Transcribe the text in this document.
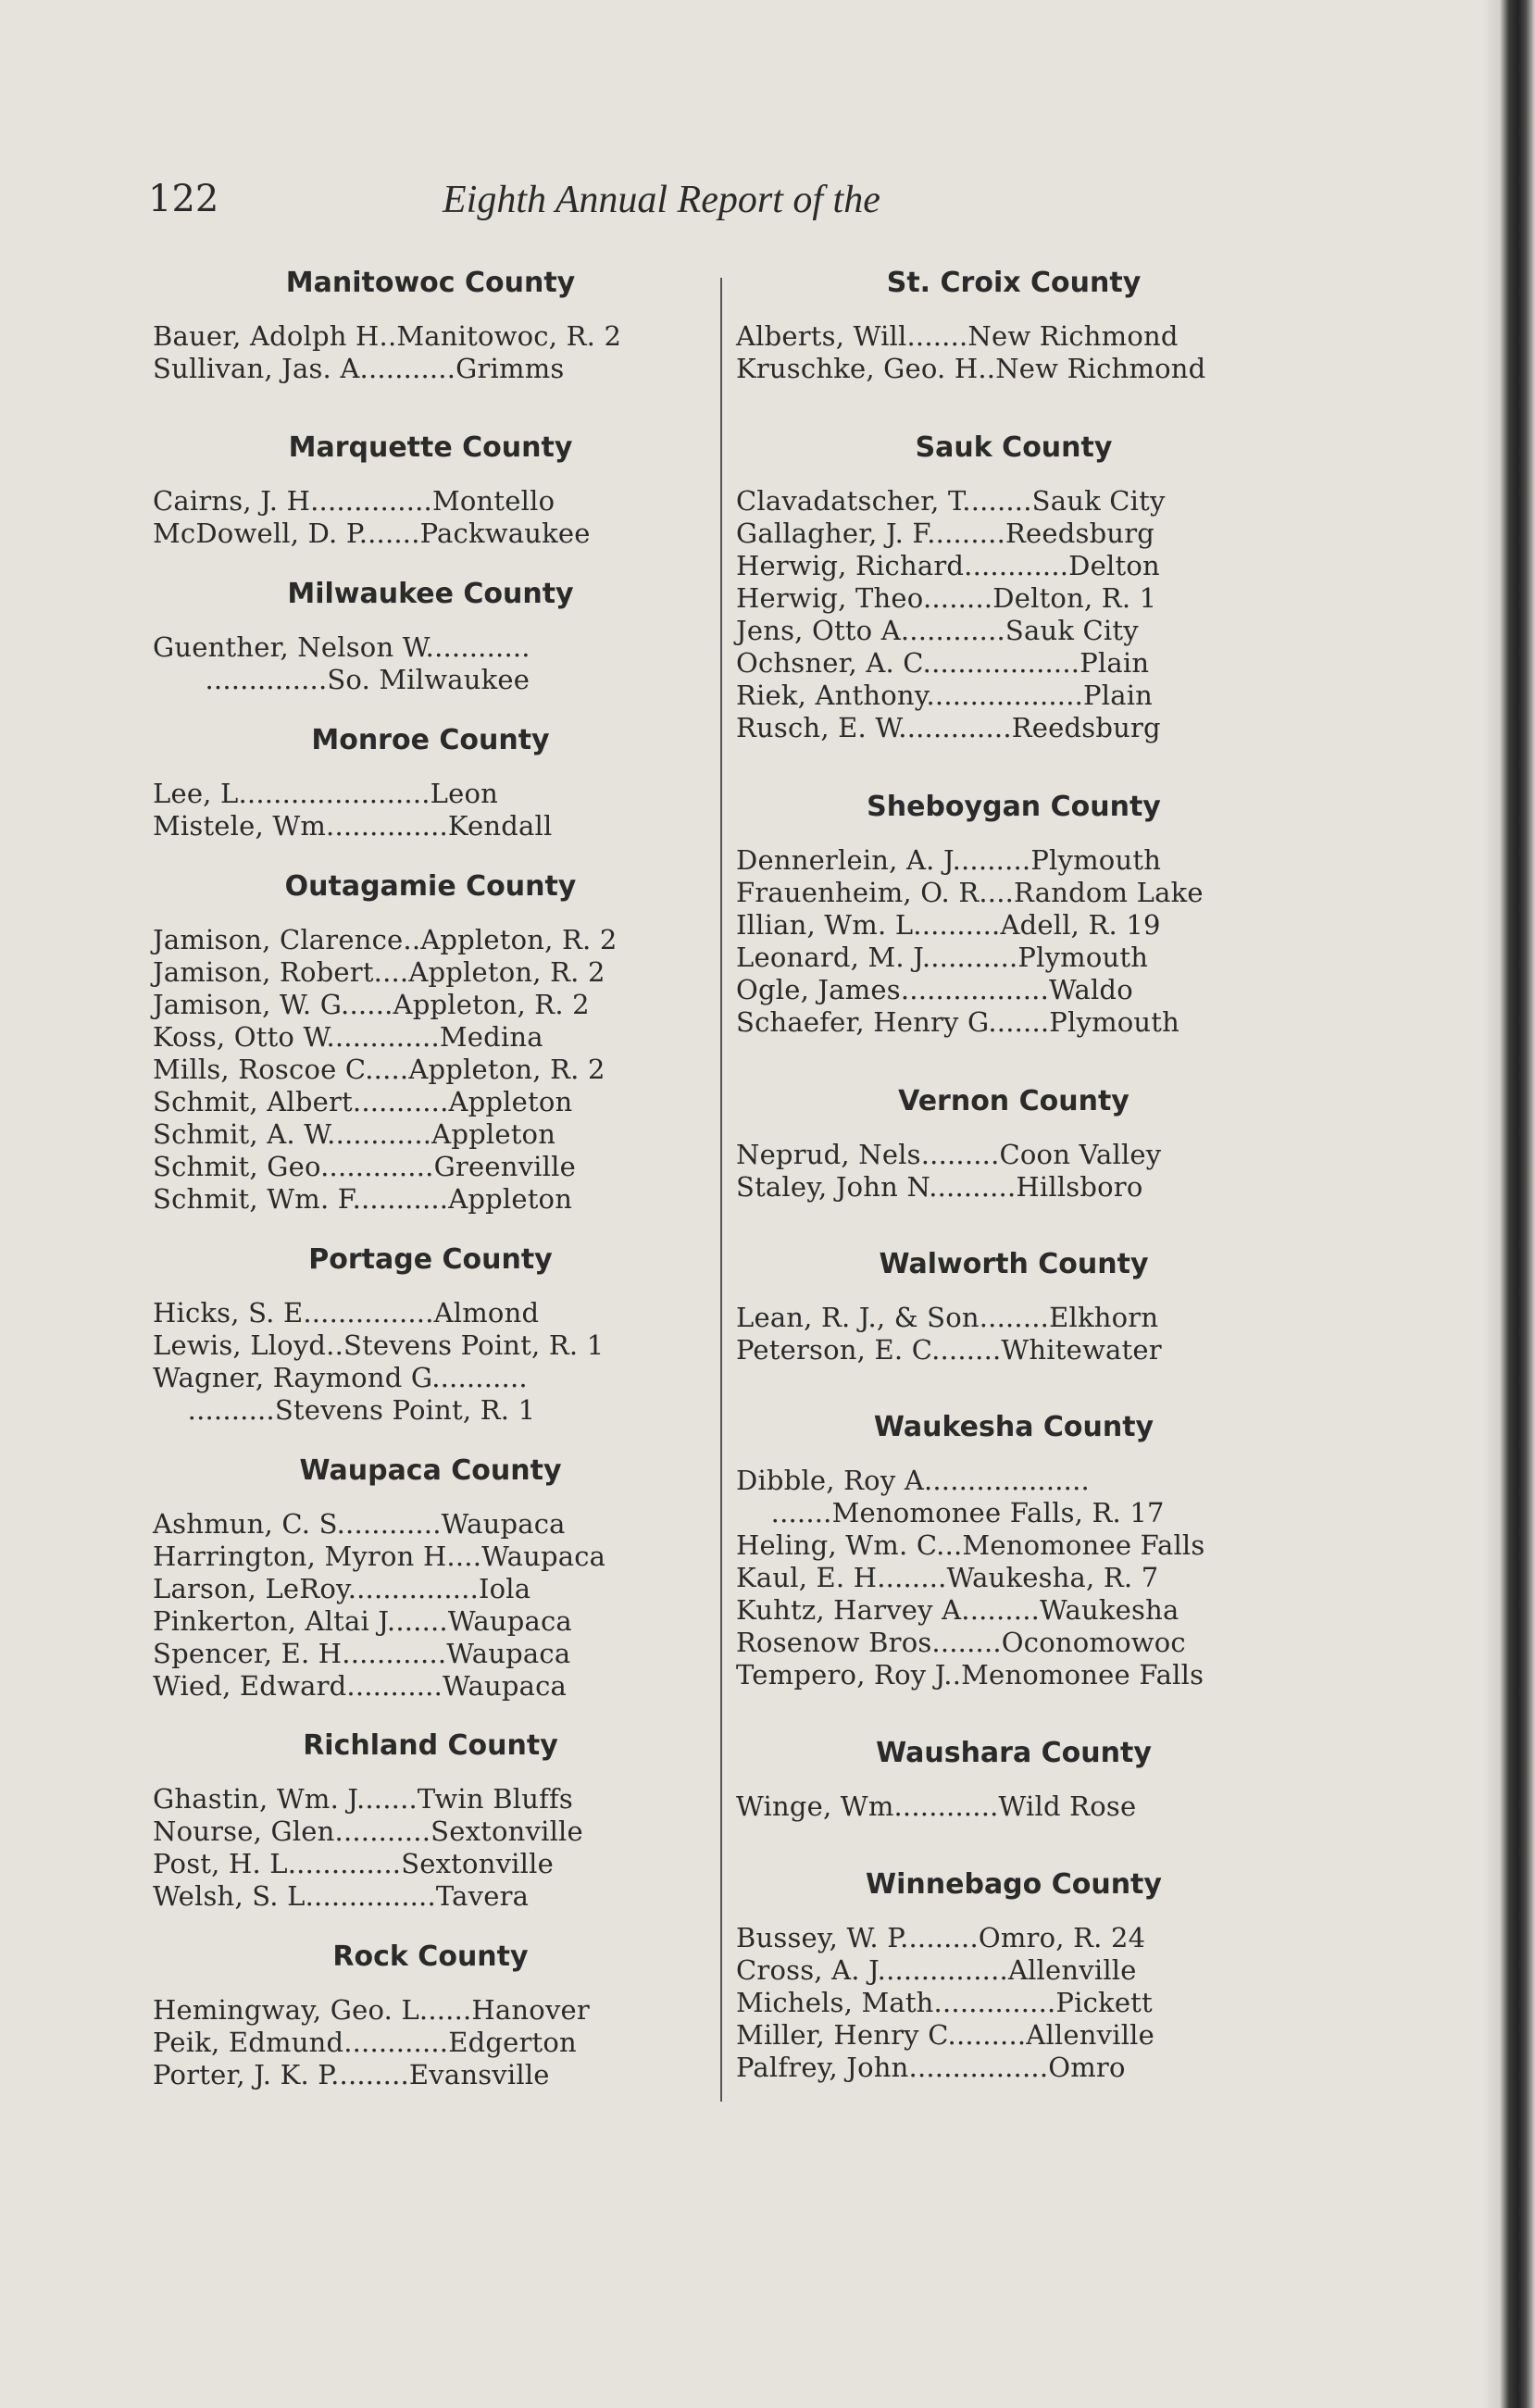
122	Eighth Annual Report of the
Manitowoc County
Bauer, Adolph H..Manitowoc, R. 2
Sullivan, Jas. A...........Grimms
Marquette County
Cairns, J. H..............Montello
McDowell, D. P.......Packwaukee
Milwaukee County
Guenther, Nelson W............
..............So. Milwaukee
Monroe County
Lee, L......................Leon
Mistele, Wm..............Kendall
Outagamie County
Jamison, Clarence..Appleton, R. 2
Jamison, Robert....Appleton, R. 2
Jamison, W. G......Appleton, R. 2
Koss, Otto W.............Medina
Mills, Roscoe C.....Appleton, R. 2
Schmit, Albert...........Appleton
Schmit, A. W............Appleton
Schmit, Geo.............Greenville
Schmit, Wm. F...........Appleton
Portage County
Hicks, S. E...............Almond
Lewis, Lloyd..Stevens Point, R. 1
Wagner, Raymond G...........
..........Stevens Point, R. 1
Waupaca County
Ashmun, C. S............Waupaca
Harrington, Myron H....Waupaca
Larson, LeRoy...............Iola
Pinkerton, Altai J.......Waupaca
Spencer, E. H............Waupaca
Wied, Edward...........Waupaca
Richland County
Ghastin, Wm. J.......Twin Bluffs
Nourse, Glen...........Sextonville
Post, H. L.............Sextonville
Welsh, S. L...............Tavera
Rock County
Hemingway, Geo. L......Hanover
Peik, Edmund............Edgerton
Porter, J. K. P.........Evansville
St. Croix County
Alberts, Will.......New Richmond
Kruschke, Geo. H..New Richmond
Sauk County
Clavadatscher, T........Sauk City
Gallagher, J. F.........Reedsburg
Herwig, Richard............Delton
Herwig, Theo........Delton, R. 1
Jens, Otto A............Sauk City
Ochsner, A. C..................Plain
Riek, Anthony..................Plain
Rusch, E. W.............Reedsburg
Sheboygan County
Dennerlein, A. J.........Plymouth
Frauenheim, O. R....Random Lake
Illian, Wm. L..........Adell, R. 19
Leonard, M. J...........Plymouth
Ogle, James.................Waldo
Schaefer, Henry G.......Plymouth
Vernon County
Neprud, Nels.........Coon Valley
Staley, John N..........Hillsboro
Walworth County
Lean, R. J., & Son........Elkhorn
Peterson, E. C........Whitewater
Waukesha County
Dibble, Roy A...................
.......Menomonee Falls, R. 17
Heling, Wm. C...Menomonee Falls
Kaul, E. H........Waukesha, R. 7
Kuhtz, Harvey A.........Waukesha
Rosenow Bros........Oconomowoc
Tempero, Roy J..Menomonee Falls
Waushara County
Winge, Wm............Wild Rose
Winnebago County
Bussey, W. P.........Omro, R. 24
Cross, A. J...............Allenville
Michels, Math..............Pickett
Miller, Henry C.........Allenville
Palfrey, John................Omro
